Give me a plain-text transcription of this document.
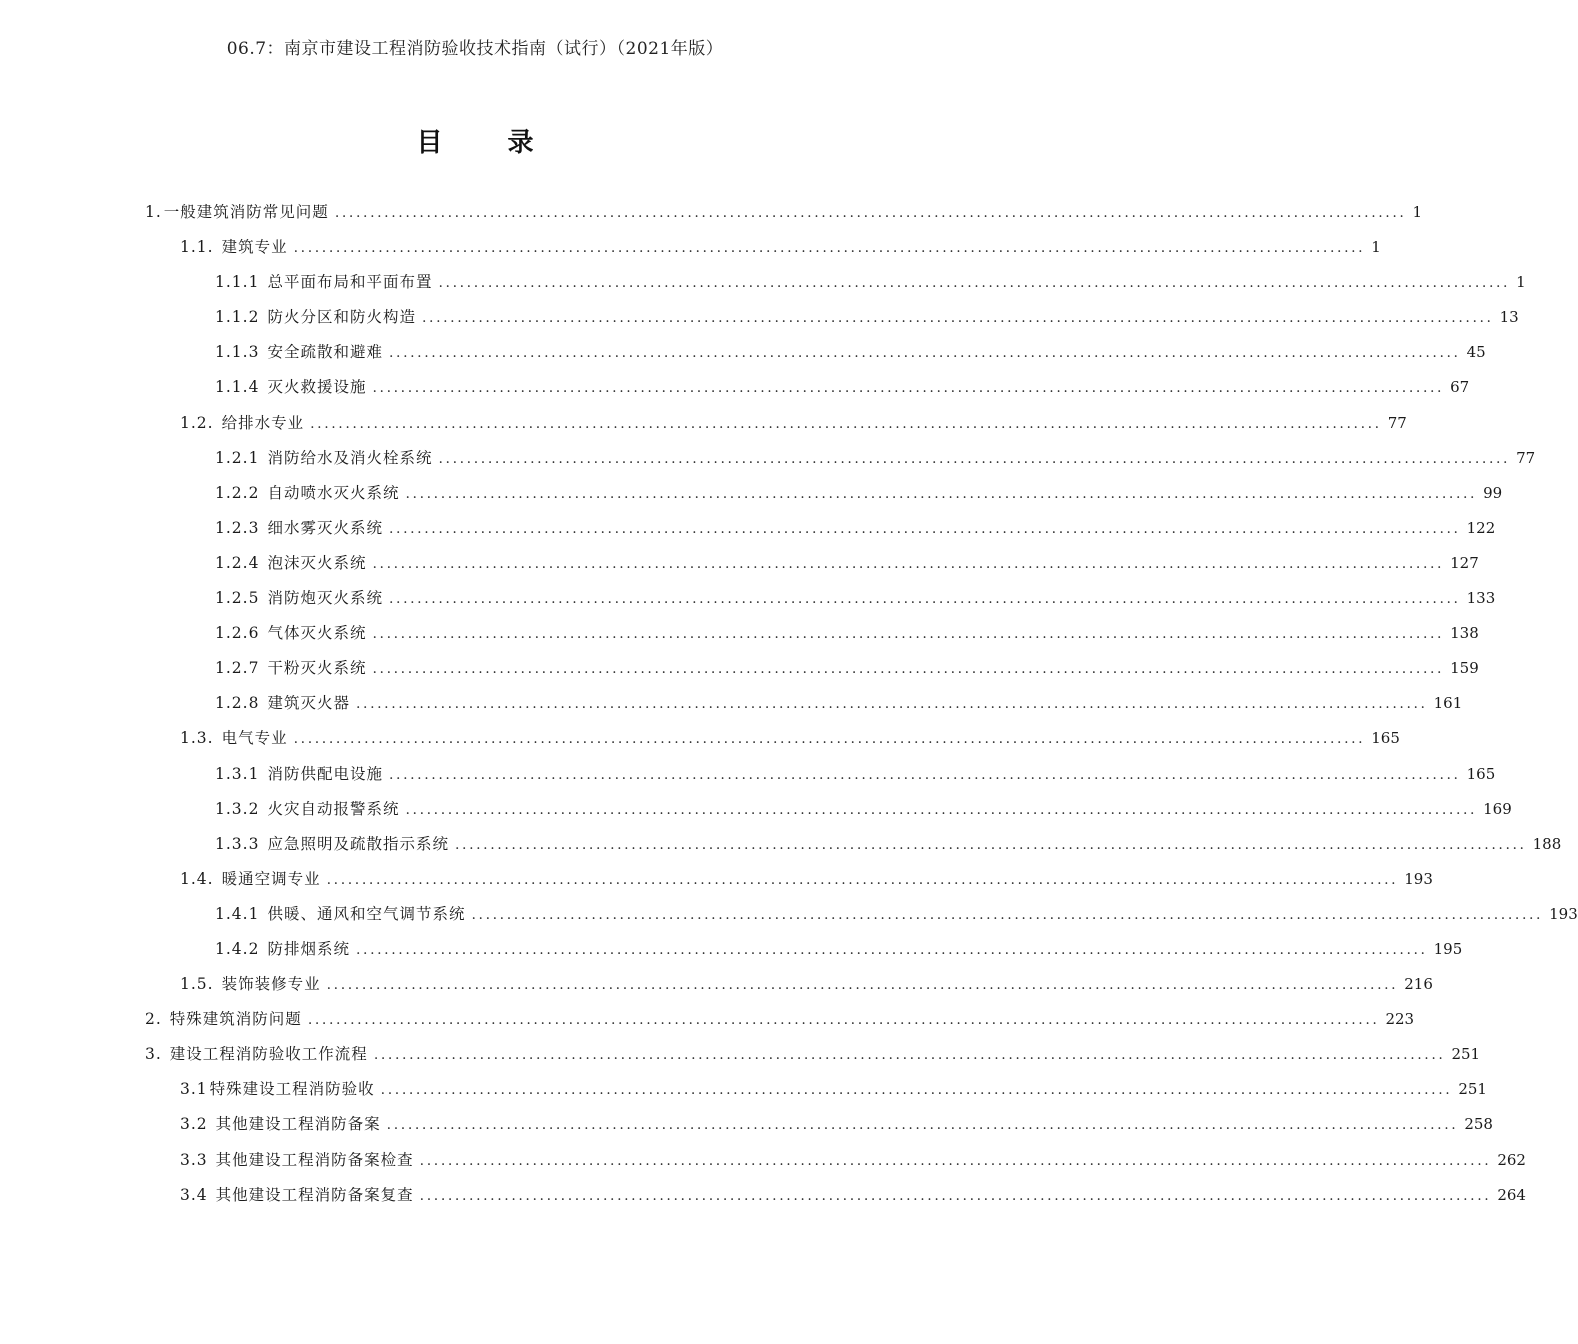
06.7：南京市建设工程消防验收技术指南（试行）（2021年版）
目 录
1. 一般建筑消防常见问题 ........................................................................................................................................................ 1
1.1. 建筑专业 ........................................................................................................................................................ 1
1.1.1 总平面布局和平面布置 ........................................................................................................................................................ 1
1.1.2 防火分区和防火构造 ........................................................................................................................................................ 13
1.1.3 安全疏散和避难 ........................................................................................................................................................ 45
1.1.4 灭火救援设施 ........................................................................................................................................................ 67
1.2. 给排水专业 ........................................................................................................................................................ 77
1.2.1 消防给水及消火栓系统 ........................................................................................................................................................ 77
1.2.2 自动喷水灭火系统 ........................................................................................................................................................ 99
1.2.3 细水雾灭火系统 ........................................................................................................................................................ 122
1.2.4 泡沫灭火系统 ........................................................................................................................................................ 127
1.2.5 消防炮灭火系统 ........................................................................................................................................................ 133
1.2.6 气体灭火系统 ........................................................................................................................................................ 138
1.2.7 干粉灭火系统 ........................................................................................................................................................ 159
1.2.8 建筑灭火器 ........................................................................................................................................................ 161
1.3. 电气专业 ........................................................................................................................................................ 165
1.3.1 消防供配电设施 ........................................................................................................................................................ 165
1.3.2 火灾自动报警系统 ........................................................................................................................................................ 169
1.3.3 应急照明及疏散指示系统 ........................................................................................................................................................ 188
1.4. 暖通空调专业 ........................................................................................................................................................ 193
1.4.1 供暖、通风和空气调节系统 ........................................................................................................................................................ 193
1.4.2 防排烟系统 ........................................................................................................................................................ 195
1.5. 装饰装修专业 ........................................................................................................................................................ 216
2. 特殊建筑消防问题 ........................................................................................................................................................ 223
3. 建设工程消防验收工作流程 ........................................................................................................................................................ 251
3.1 特殊建设工程消防验收 ........................................................................................................................................................ 251
3.2 其他建设工程消防备案 ........................................................................................................................................................ 258
3.3 其他建设工程消防备案检查 ........................................................................................................................................................ 262
3.4 其他建设工程消防备案复查 ........................................................................................................................................................ 264
